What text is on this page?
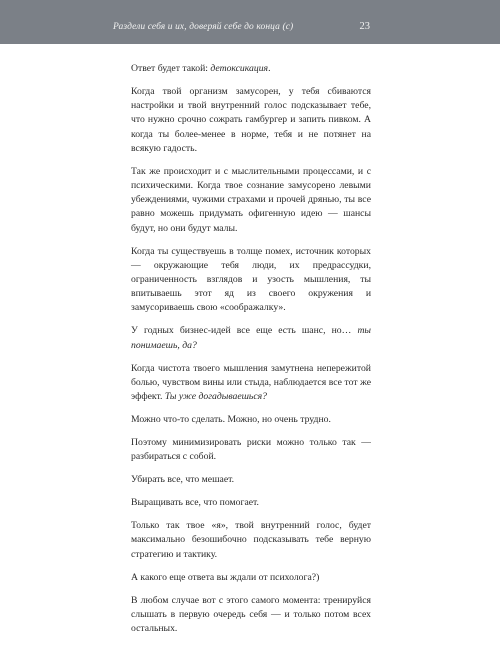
Раздели себя и их, доверяй себе до конца (с)	23

Ответ будет такой: детоксикация.

Когда твой организм замусорен, у тебя сбиваются настройки и твой внутренний голос подсказывает тебе, что нужно срочно сожрать гамбургер и запить пивком. А когда ты более-менее в норме, тебя и не потянет на всякую гадость.

Так же происходит и с мыслительными процессами, и с психическими. Когда твое сознание замусорено левыми убеждениями, чужими страхами и прочей дрянью, ты все равно можешь придумать офигенную идею — шансы будут, но они будут малы.

Когда ты существуешь в толще помех, источник которых — окружающие тебя люди, их предрассудки, ограниченность взглядов и узость мышления, ты впитываешь этот яд из своего окружения и замусориваешь свою «соображалку».

У годных бизнес-идей все еще есть шанс, но… ты понимаешь, да?

Когда чистота твоего мышления замутнена непережитой болью, чувством вины или стыда, наблюдается все тот же эффект. Ты уже догадываешься?

Можно что-то сделать. Можно, но очень трудно.

Поэтому минимизировать риски можно только так — разбираться с собой.

Убирать все, что мешает.

Выращивать все, что помогает.

Только так твое «я», твой внутренний голос, будет максимально безошибочно подсказывать тебе верную стратегию и тактику.

А какого еще ответа вы ждали от психолога?)

В любом случае вот с этого самого момента: тренируйся слышать в первую очередь себя — и только потом всех остальных.
